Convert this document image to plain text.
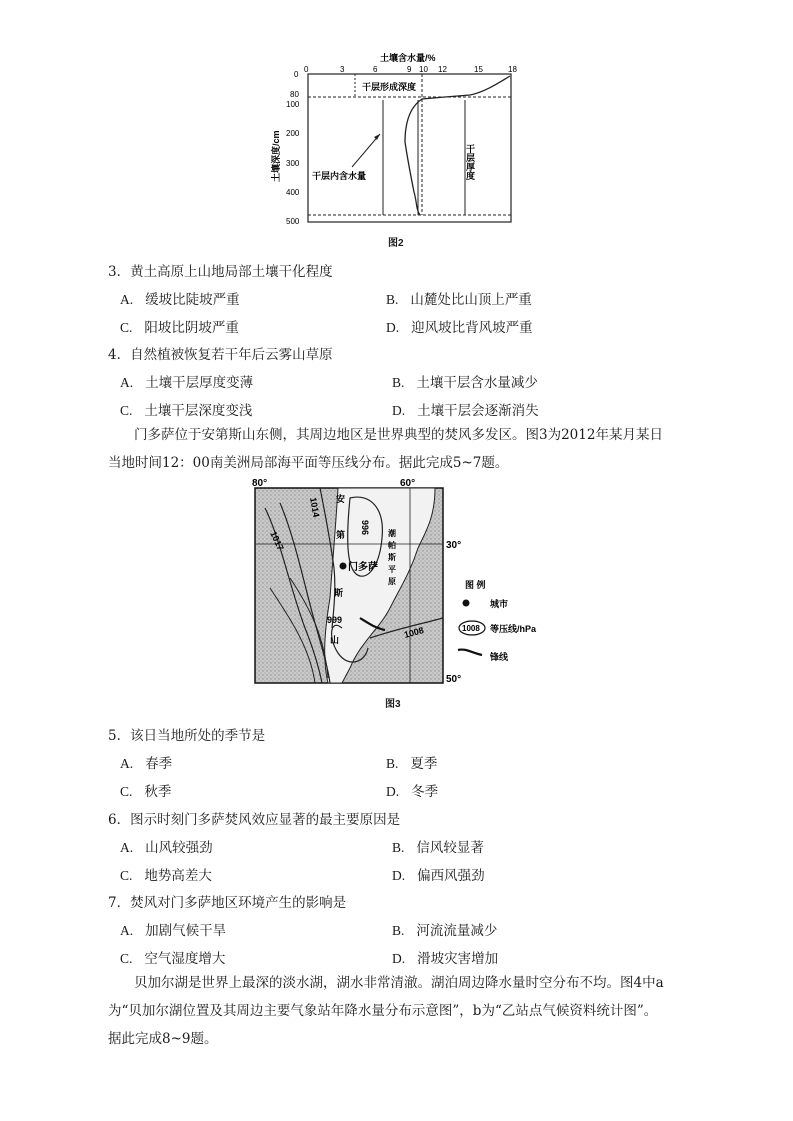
土壤含水量/%
0	3	6	9 10 12	15	18
0
80
100
200
300
400
500
土壤深度/cm
干层形成深度
干层内含水量	干层厚度
图2
3．黄土高原上山地局部土壤干化程度
A. 缓坡比陡坡严重	B. 山麓处比山顶上严重
C. 阳坡比阴坡严重	D. 迎风坡比背风坡严重
4．自然植被恢复若干年后云雾山草原
A. 土壤干层厚度变薄	B. 土壤干层含水量减少
C. 土壤干层深度变浅	D. 土壤干层会逐渐消失
门多萨位于安第斯山东侧，其周边地区是世界典型的焚风多发区。图3为2012年某月某日
当地时间12：00南美洲局部海平面等压线分布。据此完成5~7题。
80°	60°
30°
50°
1017
1014
996
999
1008
门多萨
安
第
斯
山
潮
帕
斯
平
原	图 例
城市
1008 等压线/hPa
锋线
图3
5．该日当地所处的季节是
A. 春季	B. 夏季
C. 秋季	D. 冬季
6．图示时刻门多萨焚风效应显著的最主要原因是
A. 山风较强劲	B. 信风较显著
C. 地势高差大	D. 偏西风强劲
7．焚风对门多萨地区环境产生的影响是
A. 加剧气候干旱	B. 河流流量减少
C. 空气湿度增大	D. 滑坡灾害增加
贝加尔湖是世界上最深的淡水湖，湖水非常清澈。湖泊周边降水量时空分布不均。图4中a
为“贝加尔湖位置及其周边主要气象站年降水量分布示意图”，b为“乙站点气候资料统计图”。
据此完成8~9题。
